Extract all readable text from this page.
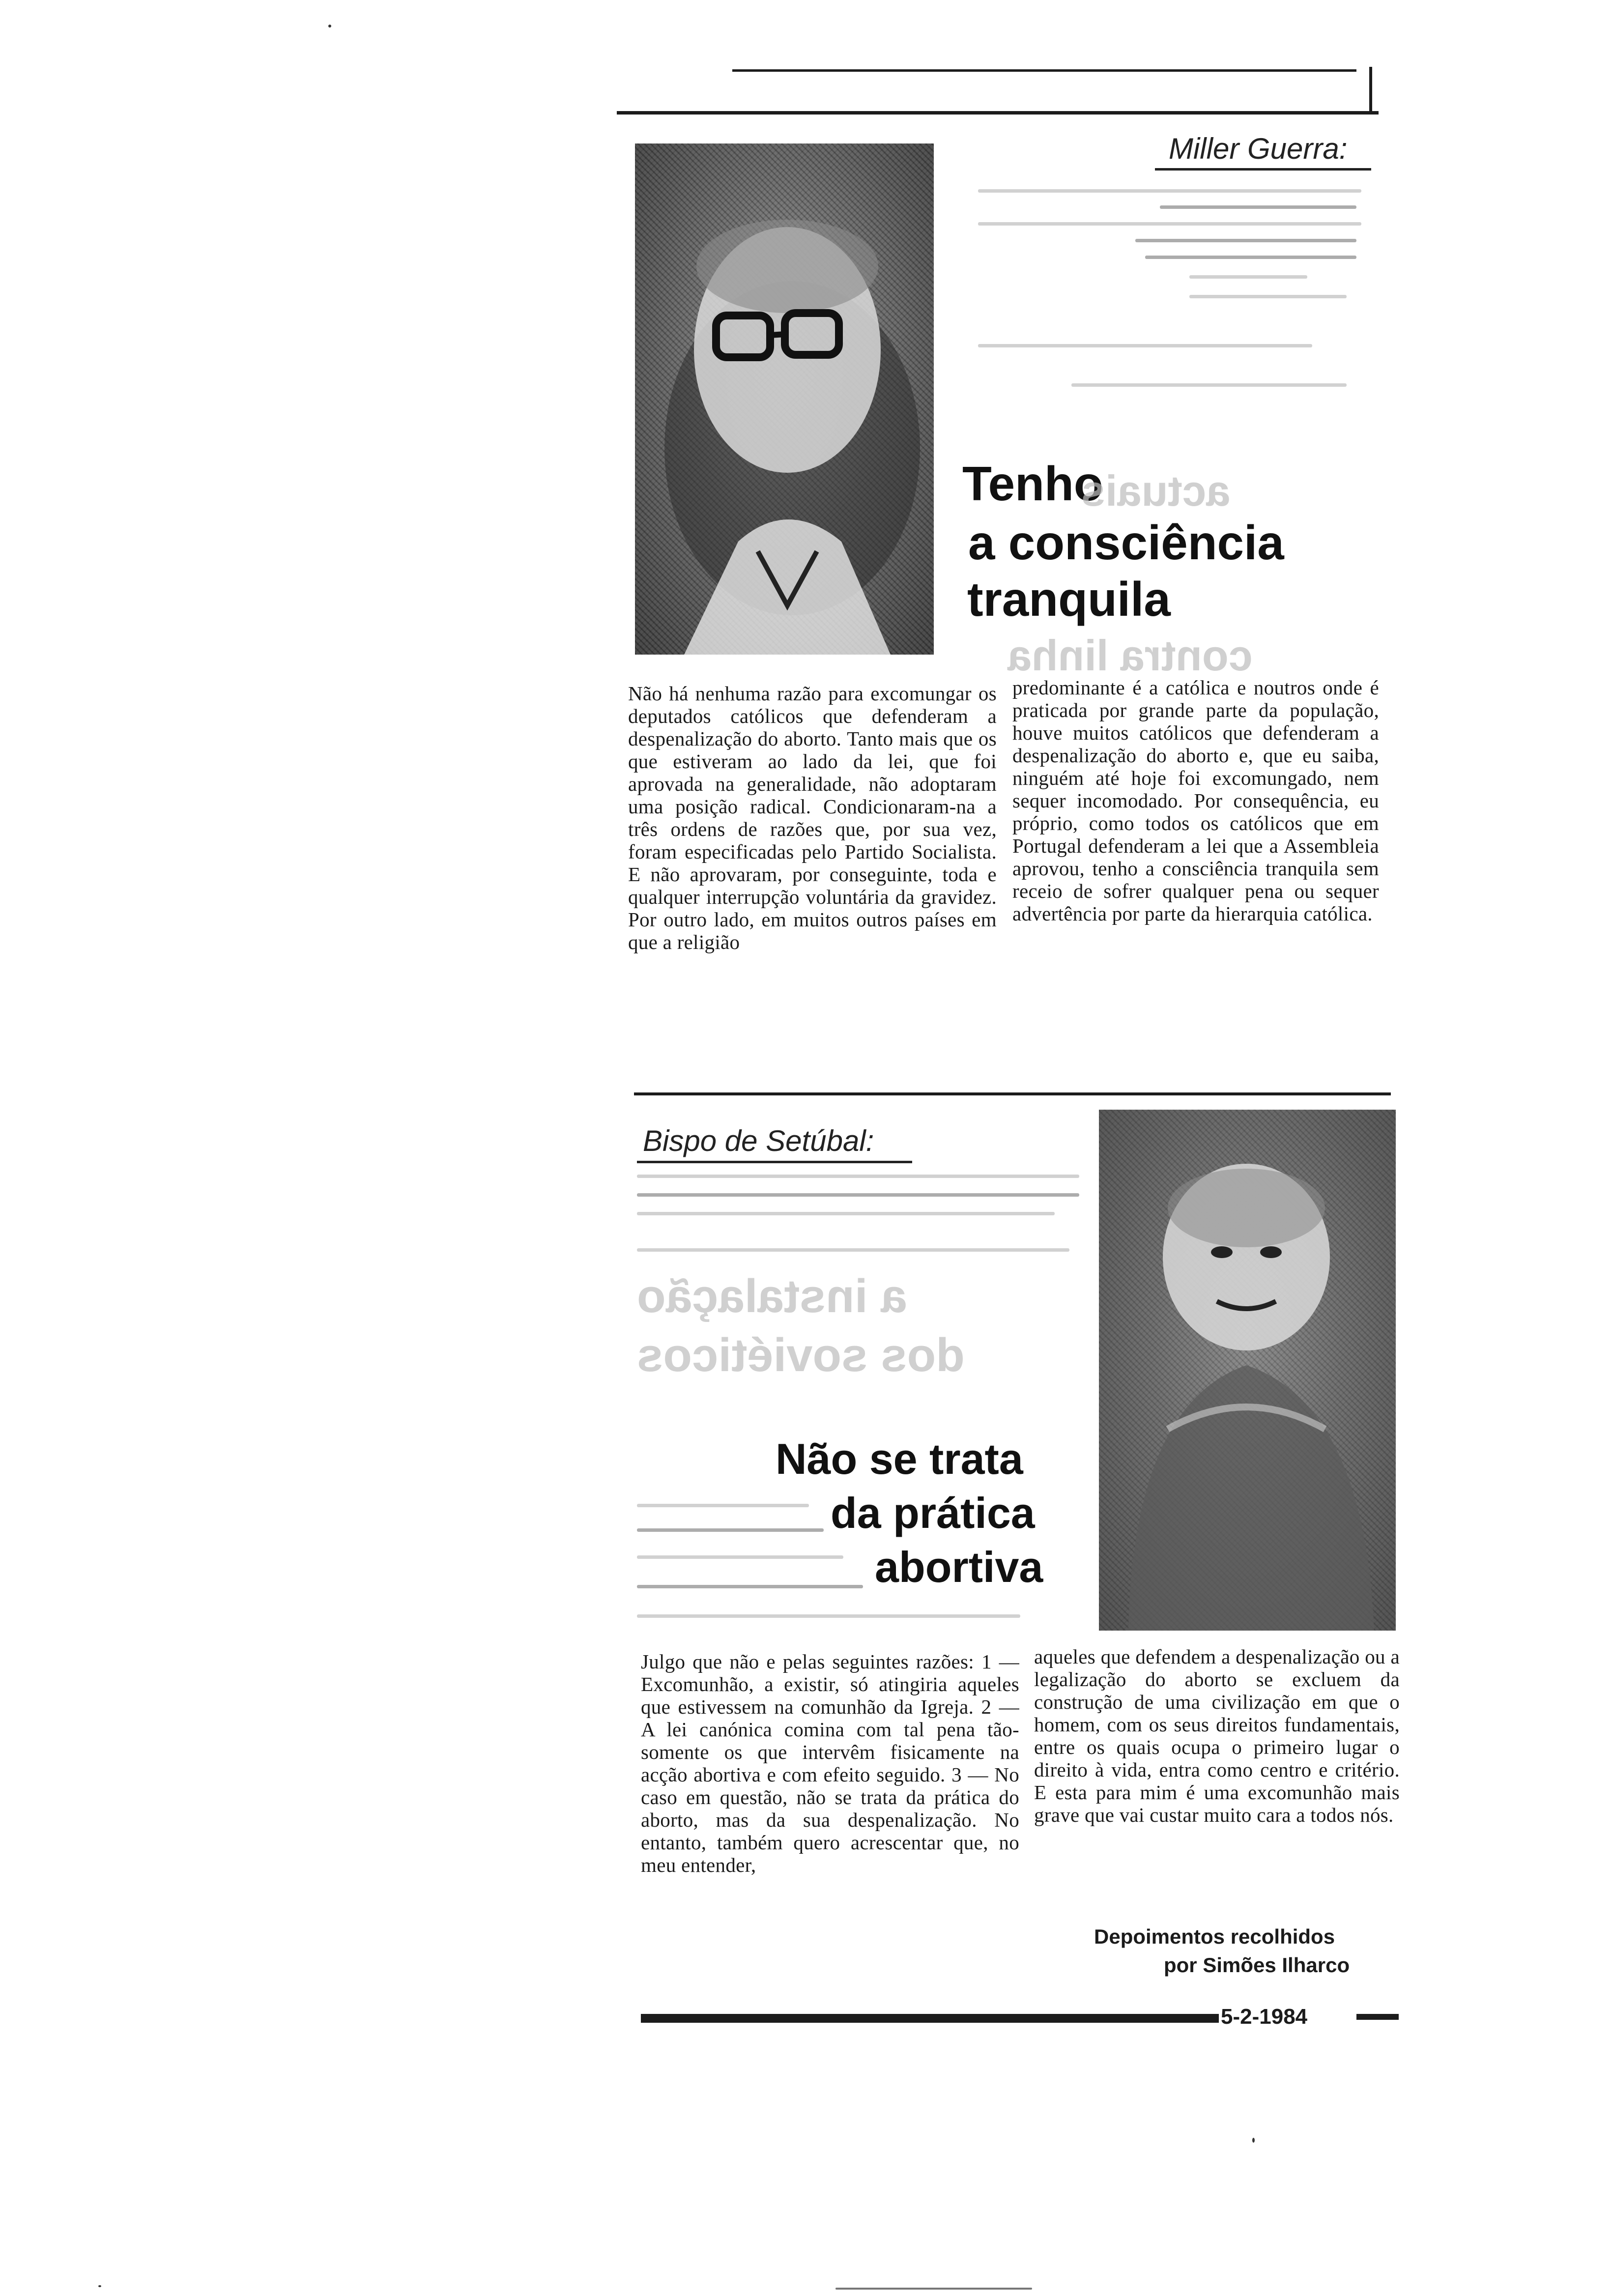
Miller Guerra:
Tenho
a consciência
tranquila
actuais
contra linha
Não há nenhuma razão para excomungar os deputados católicos que defenderam a despenalização do aborto. Tanto mais que os que estiveram ao lado da lei, que foi aprovada na generalidade, não adoptaram uma posição radical. Condicionaram-na a três ordens de razões que, por sua vez, foram especificadas pelo Partido Socialista. E não aprovaram, por conseguinte, toda e qualquer interrupção voluntária da gravidez. Por outro lado, em muitos outros países em que a religião
predominante é a católica e noutros onde é praticada por grande parte da população, houve muitos católicos que defenderam a despenalização do aborto e, que eu saiba, ninguém até hoje foi excomungado, nem sequer incomodado. Por consequência, eu próprio, como todos os católicos que em Portugal defenderam a lei que a Assembleia aprovou, tenho a consciência tranquila sem receio de sofrer qualquer pena ou sequer advertência por parte da hierarquia católica.
Bispo de Setúbal:
a instalação
dos soviéticos
Não se trata
da prática
abortiva
Julgo que não e pelas seguintes razões: 1 — Excomunhão, a existir, só atingiria aqueles que estivessem na comunhão da Igreja. 2 — A lei canónica comina com tal pena tão-somente os que intervêm fisicamente na acção abortiva e com efeito seguido. 3 — No caso em questão, não se trata da prática do aborto, mas da sua despenalização. No entanto, também quero acrescentar que, no meu entender,
aqueles que defendem a despenalização ou a legalização do aborto se excluem da construção de uma civilização em que o homem, com os seus direitos fundamentais, entre os quais ocupa o primeiro lugar o direito à vida, entra como centro e critério. E esta para mim é uma excomunhão mais grave que vai custar muito cara a todos nós.
Depoimentos recolhidos
por Simões Ilharco
5-2-1984
